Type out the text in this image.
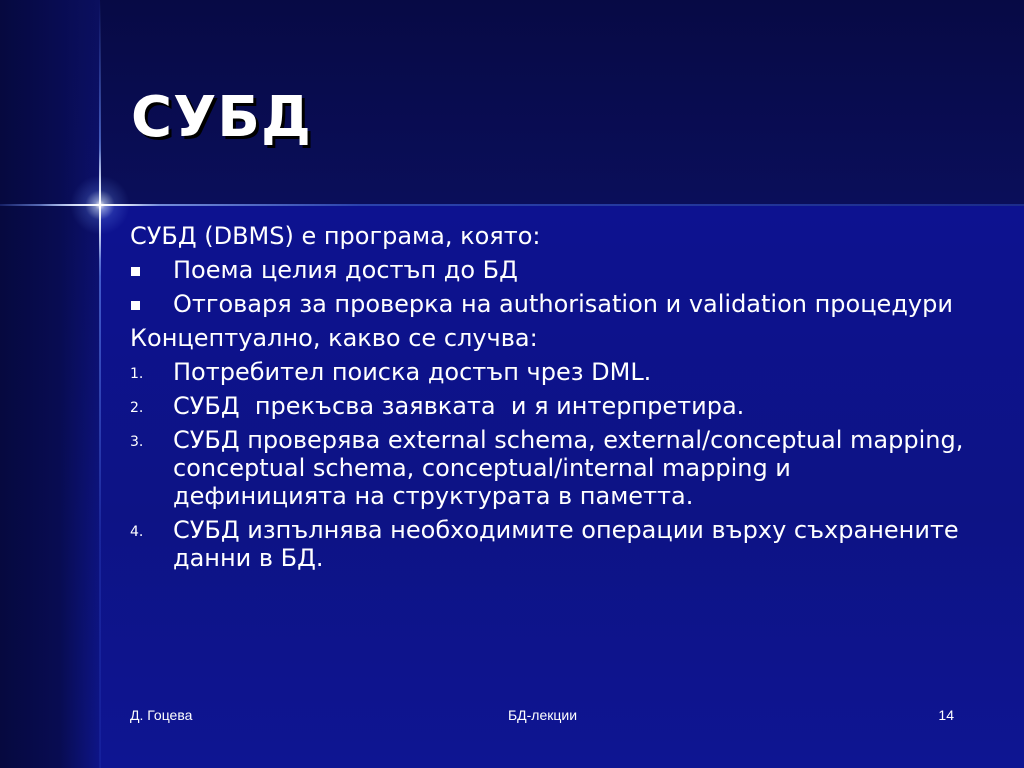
СУБД

СУБД (DBMS) е програма, която:

Поема целия достъп до БД
Отговаря за проверка на authorisation и validation процедури

Концептуално, какво се случва:

1. Потребител поиска достъп чрез DML.
2. СУБД  прекъсва заявката  и я интерпретира.
3. СУБД проверява external schema, external/conceptual mapping, conceptual schema, conceptual/internal mapping и дефиницията на структурата в паметта.
4. СУБД изпълнява необходимите операции върху съхранените данни в БД.
Д. Гоцева	БД-лекции	14
